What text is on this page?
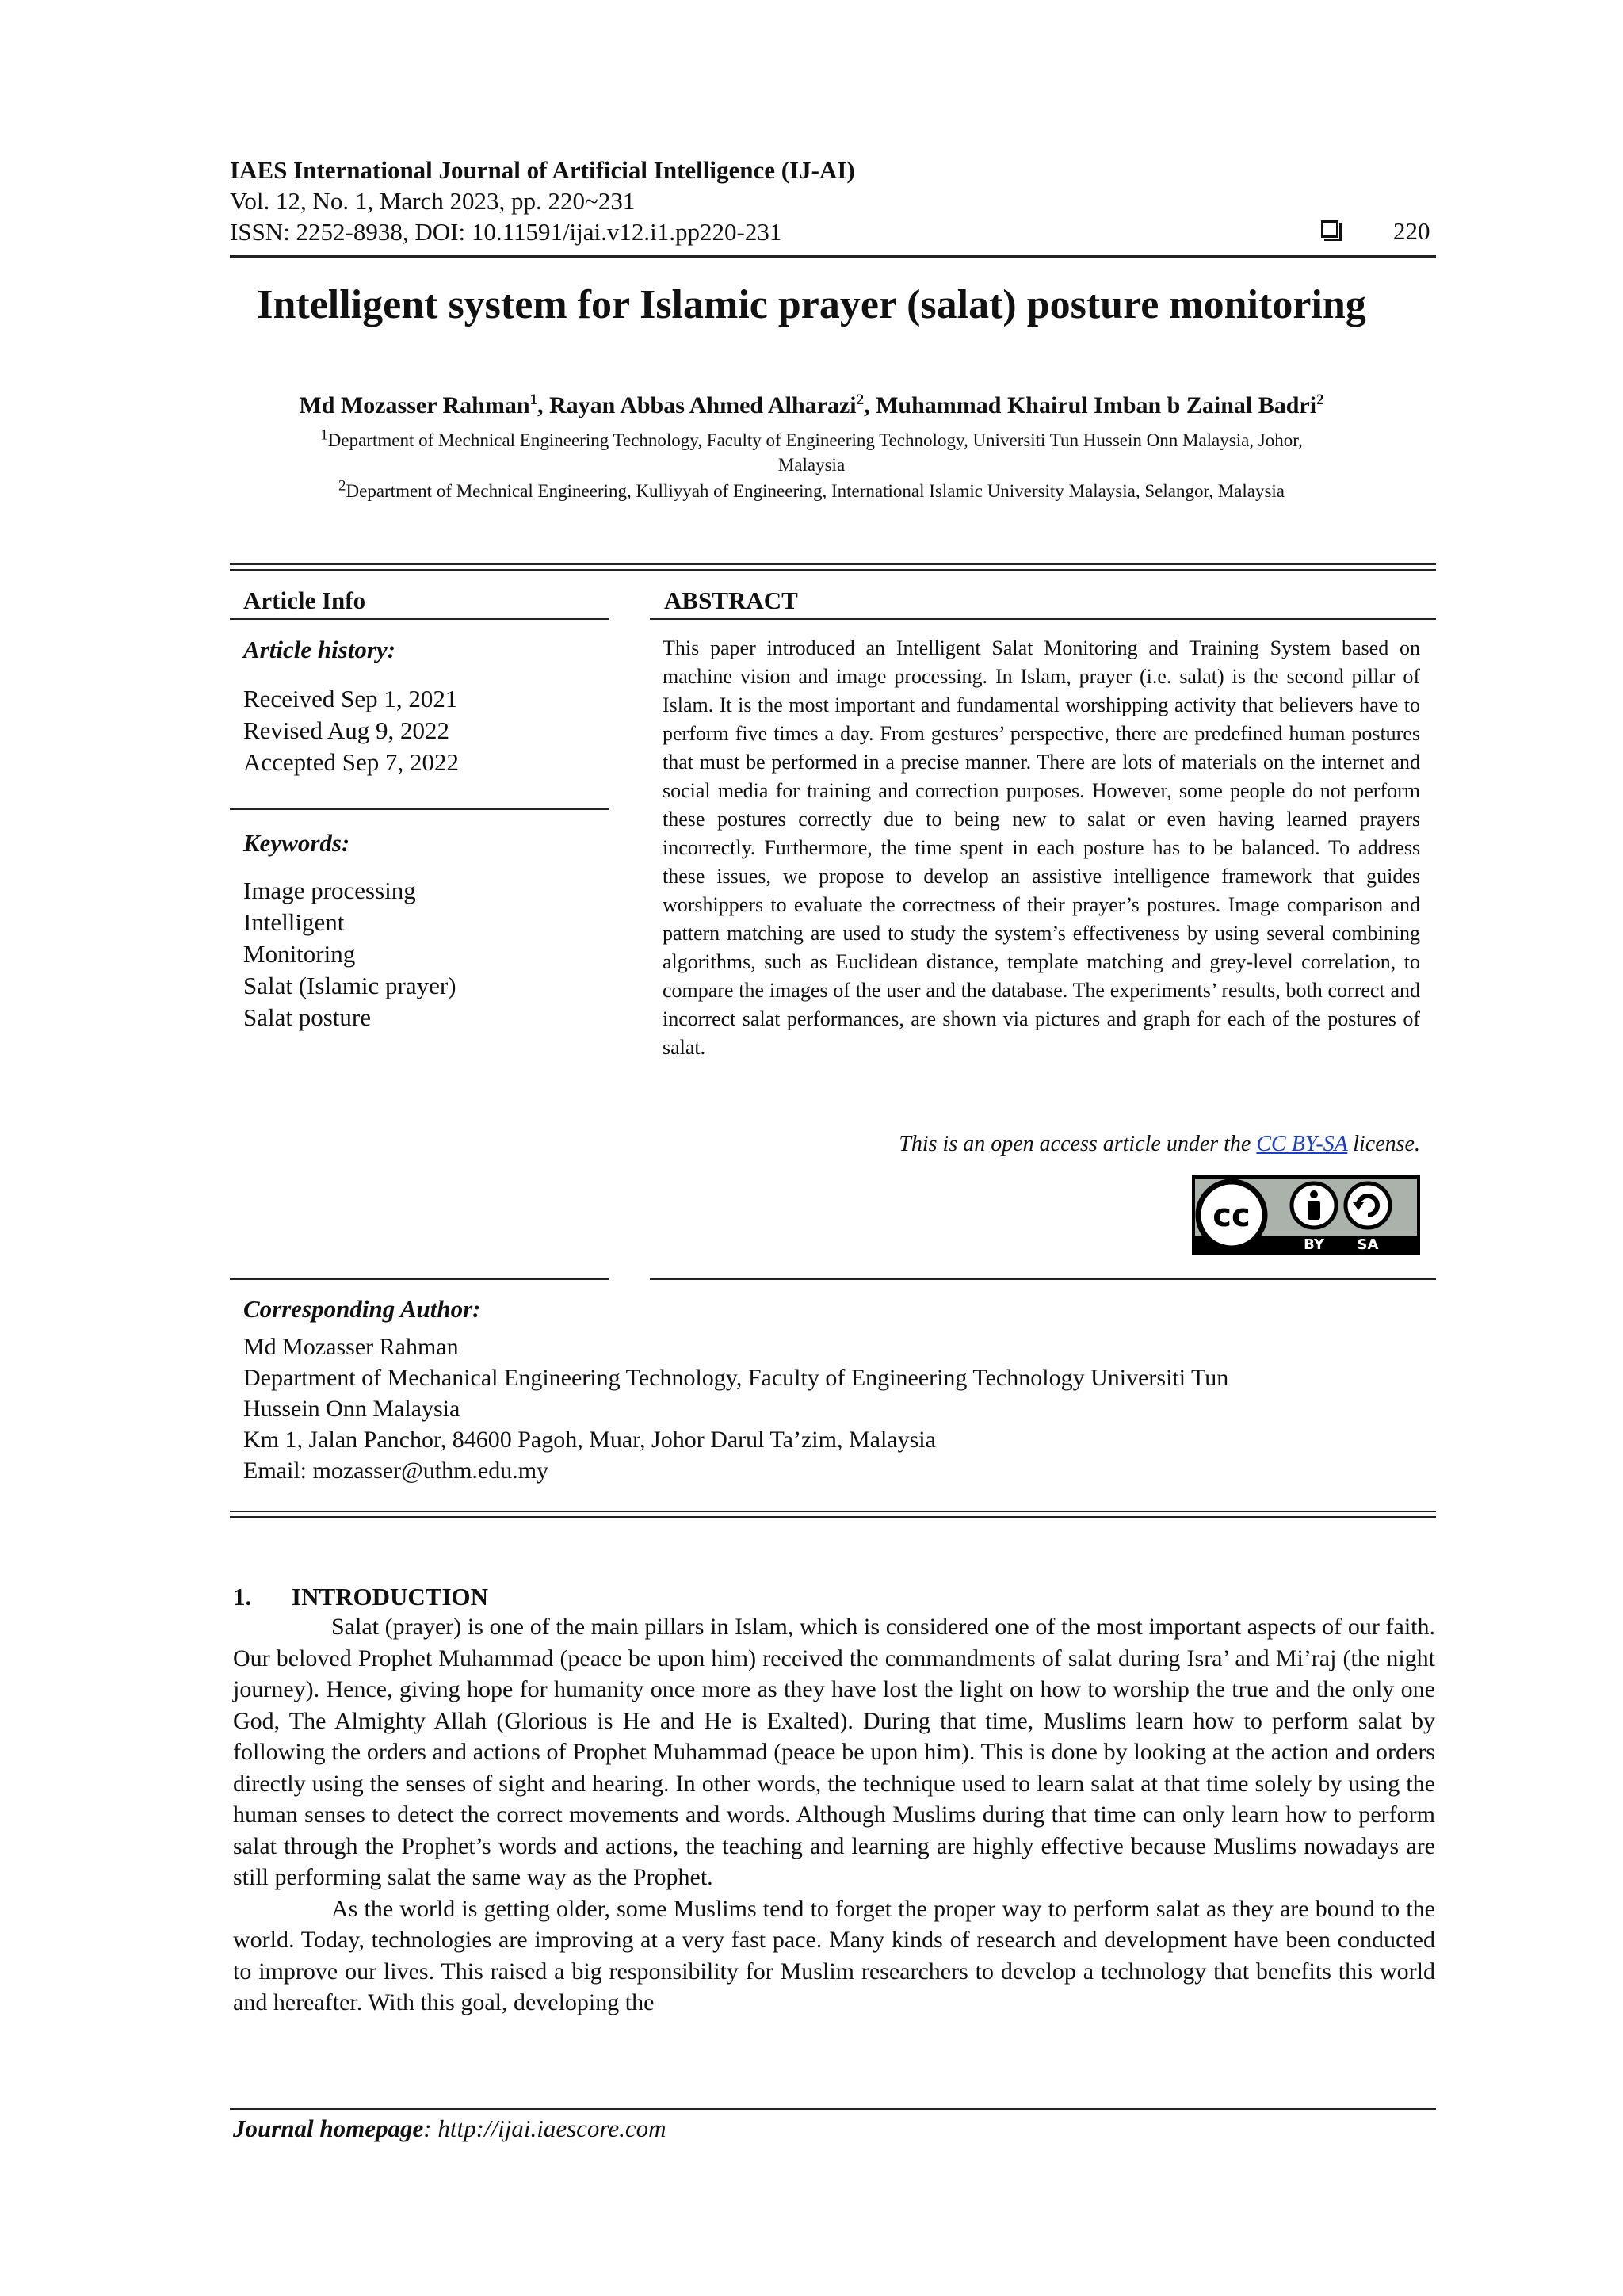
IAES International Journal of Artificial Intelligence (IJ-AI)
Vol. 12, No. 1, March 2023, pp. 220~231
ISSN: 2252-8938, DOI: 10.11591/ijai.v12.i1.pp220-231	220
Intelligent system for Islamic prayer (salat) posture monitoring
Md Mozasser Rahman$^1$, Rayan Abbas Ahmed Alharazi$^2$, Muhammad Khairul Imban b Zainal Badri$^2$
$^1$Department of Mechnical Engineering Technology, Faculty of Engineering Technology, Universiti Tun Hussein Onn Malaysia, Johor,
Malaysia
$^2$Department of Mechnical Engineering, Kulliyyah of Engineering, International Islamic University Malaysia, Selangor, Malaysia
Article Info
Article history:
Received Sep 1, 2021
Revised Aug 9, 2022
Accepted Sep 7, 2022
Keywords:
Image processing
Intelligent
Monitoring
Salat (Islamic prayer)
Salat posture
ABSTRACT

This paper introduced an Intelligent Salat Monitoring and Training System based on machine vision and image processing. In Islam, prayer (i.e. salat) is the second pillar of Islam. It is the most important and fundamental worshipping activity that believers have to perform five times a day. From gestures’ perspective, there are predefined human postures that must be performed in a precise manner. There are lots of materials on the internet and social media for training and correction purposes. However, some people do not perform these postures correctly due to being new to salat or even having learned prayers incorrectly. Furthermore, the time spent in each posture has to be balanced. To address these issues, we propose to develop an assistive intelligence framework that guides worshippers to evaluate the correctness of their prayer’s postures. Image comparison and pattern matching are used to study the system’s effectiveness by using several combining algorithms, such as Euclidean distance, template matching and grey-level correlation, to compare the images of the user and the database. The experiments’ results, both correct and incorrect salat performances, are shown via pictures and graph for each of the postures of salat.

This is an open access article under the CC BY-SA license.
cc
BY SA
Corresponding Author:
Md Mozasser Rahman
Department of Mechanical Engineering Technology, Faculty of Engineering Technology Universiti Tun
Hussein Onn Malaysia
Km 1, Jalan Panchor, 84600 Pagoh, Muar, Johor Darul Ta’zim, Malaysia
Email: mozasser@uthm.edu.my
1. INTRODUCTION

Salat (prayer) is one of the main pillars in Islam, which is considered one of the most important aspects of our faith. Our beloved Prophet Muhammad (peace be upon him) received the commandments of salat during Isra’ and Mi’raj (the night journey). Hence, giving hope for humanity once more as they have lost the light on how to worship the true and the only one God, The Almighty Allah (Glorious is He and He is Exalted). During that time, Muslims learn how to perform salat by following the orders and actions of Prophet Muhammad (peace be upon him). This is done by looking at the action and orders directly using the senses of sight and hearing. In other words, the technique used to learn salat at that time solely by using the human senses to detect the correct movements and words. Although Muslims during that time can only learn how to perform salat through the Prophet’s words and actions, the teaching and learning are highly effective because Muslims nowadays are still performing salat the same way as the Prophet.

As the world is getting older, some Muslims tend to forget the proper way to perform salat as they are bound to the world. Today, technologies are improving at a very fast pace. Many kinds of research and development have been conducted to improve our lives. This raised a big responsibility for Muslim researchers to develop a technology that benefits this world and hereafter. With this goal, developing the

Journal homepage: http://ijai.iaescore.com
